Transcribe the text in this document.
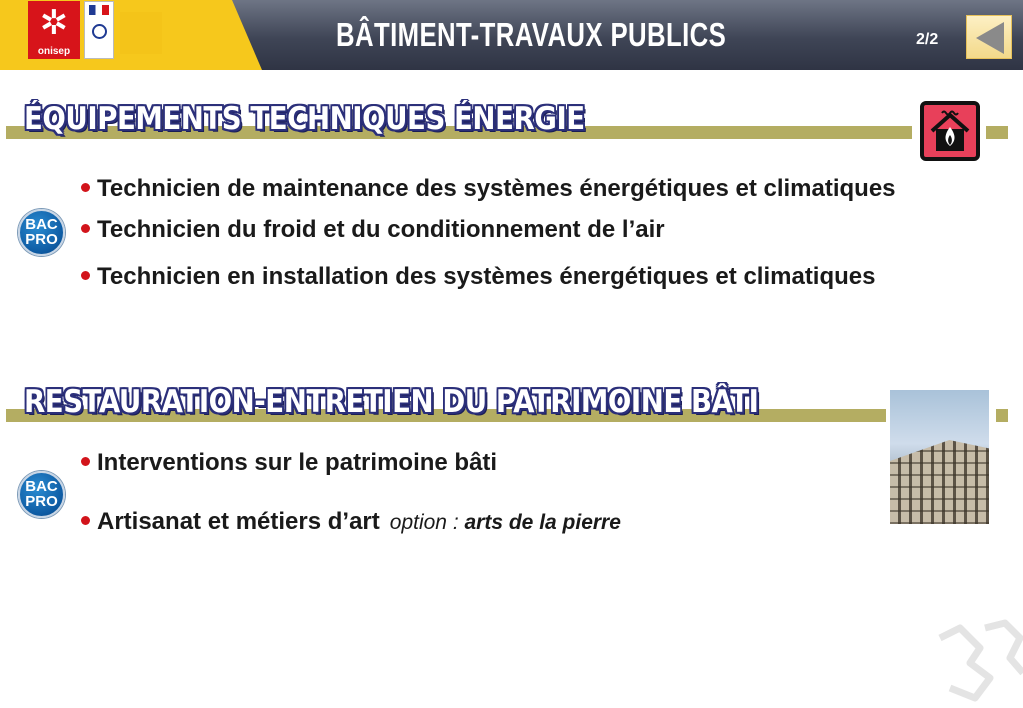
✲
onisep	BÂTIMENT-TRAVAUX PUBLICS	2/2
ÉQUIPEMENTS TECHNIQUES ÉNERGIE
BAC
PRO
Technicien de maintenance des systèmes énergétiques et climatiques
Technicien du froid et du conditionnement de l’air
Technicien en installation des systèmes énergétiques et climatiques
RESTAURATION-ENTRETIEN DU PATRIMOINE BÂTI
BAC
PRO
Interventions sur le patrimoine bâti
Artisanat et métiers d’art option : arts de la pierre
